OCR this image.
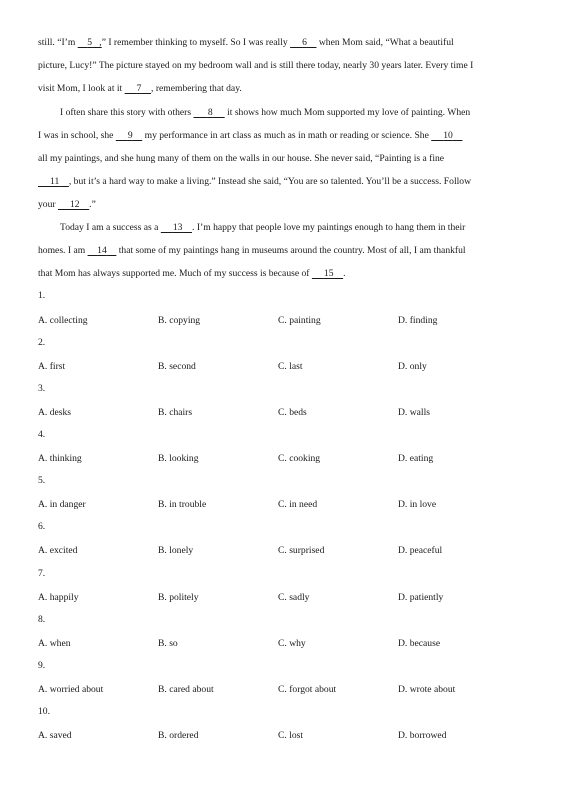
still. “I’m     5   ,” I remember thinking to myself. So I was really      6     when Mom said, “What a beautiful
picture, Lucy!” The picture stayed on my bedroom wall and is still there today, nearly 30 years later. Every time I
visit Mom, I look at it      7 , remembering that day.
I often share this story with others       8      it shows how much Mom supported my love of painting. When
I was in school, she      9     my performance in art class as much as in math or reading or science. She      10
all my paintings, and she hung many of them on the walls in our house. She never said, “Painting is a fine
11 , but it’s a hard way to make a living.” Instead she said, “You are so talented. You’ll be a success. Follow
your      12 .”
Today I am a success as a      13 . I’m happy that people love my paintings enough to hang them in their
homes. I am     14     that some of my paintings hang in museums around the country. Most of all, I am thankful
that Mom has always supported me. Much of my success is because of      15 .
1.
A. collecting	B. copying	C. painting	D. finding
2.
A. first	B. second	C. last	D. only
3.
A. desks	B. chairs	C. beds	D. walls
4.
A. thinking	B. looking	C. cooking	D. eating
5.
A. in danger	B. in trouble	C. in need	D. in love
6.
A. excited	B. lonely	C. surprised	D. peaceful
7.
A. happily	B. politely	C. sadly	D. patiently
8.
A. when	B. so	C. why	D. because
9.
A. worried about	B. cared about	C. forgot about	D. wrote about
10.
A. saved	B. ordered	C. lost	D. borrowed
